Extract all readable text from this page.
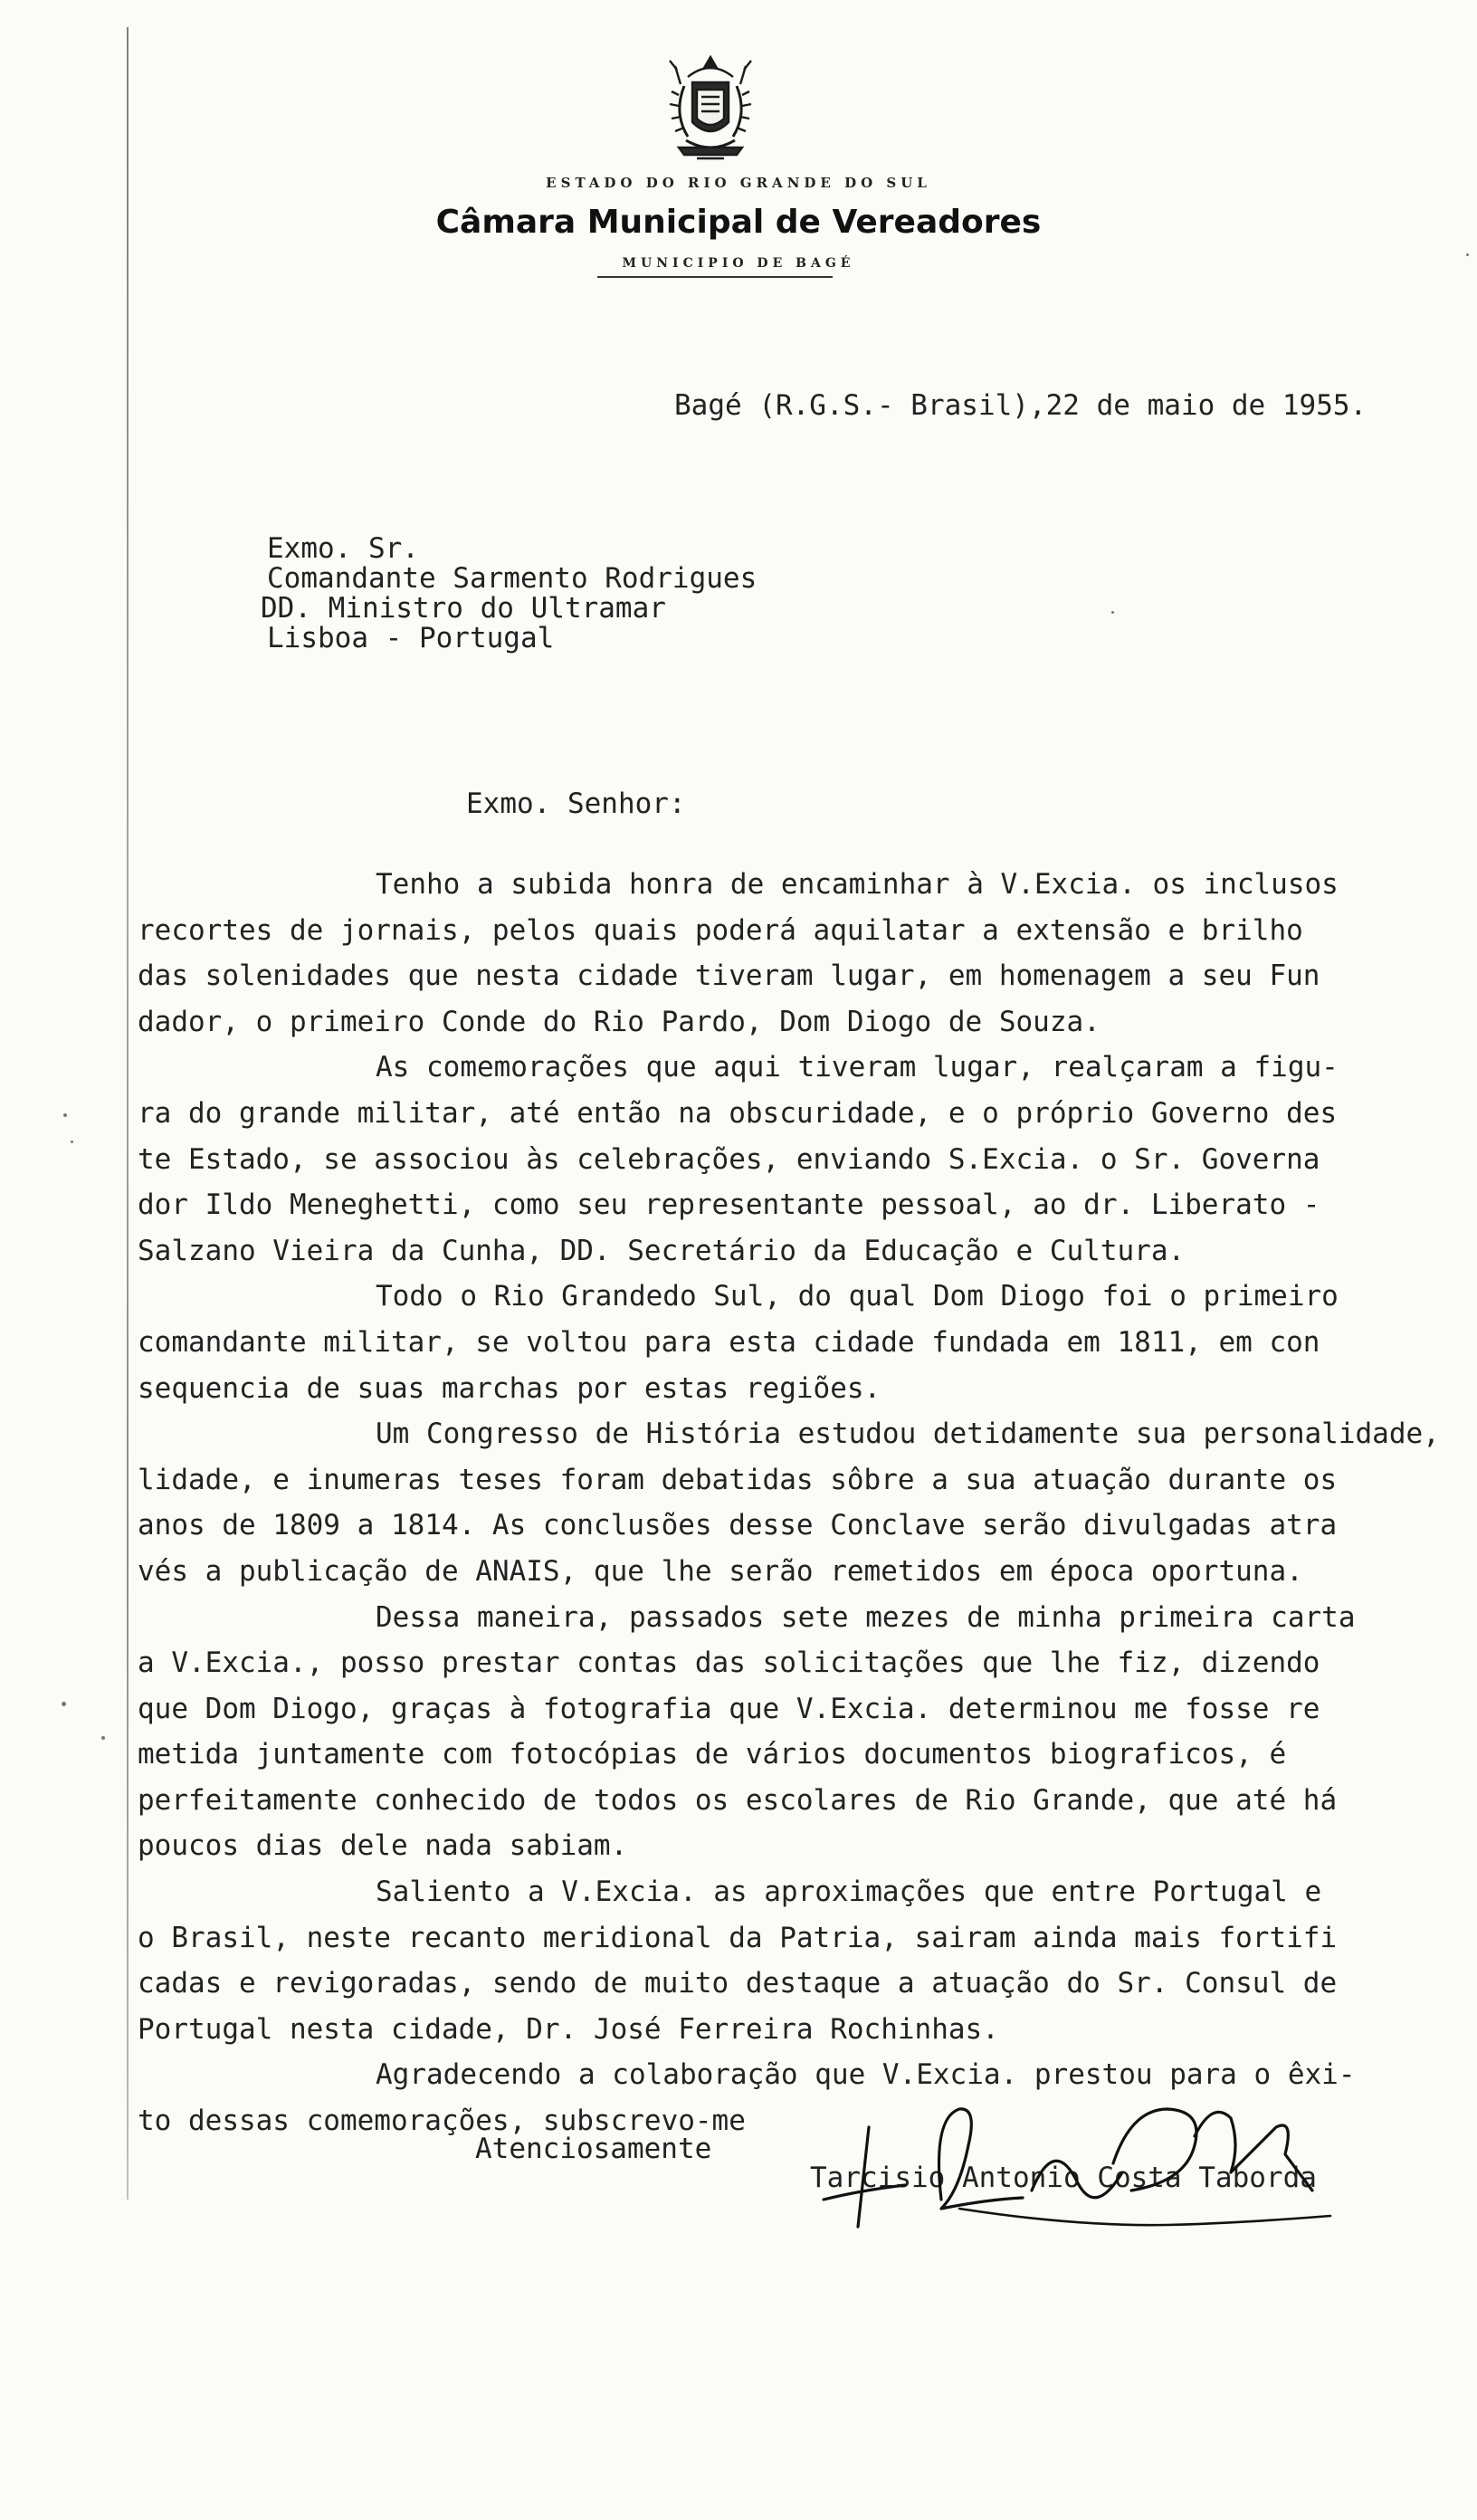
ESTADO DO RIO GRANDE DO SUL
Câmara Municipal de Vereadores
MUNICIPIO DE BAGÉ
Bagé (R.G.S.- Brasil),22 de maio de 1955.
Exmo. Sr.
Comandante Sarmento Rodrigues
DD. Ministro do Ultramar
Lisboa - Portugal
Exmo. Senhor:
Tenho a subida honra de encaminhar à V.Excia. os inclusos
recortes de jornais, pelos quais poderá aquilatar a extensão e brilho
das solenidades que nesta cidade tiveram lugar, em homenagem a seu Fun
dador, o primeiro Conde do Rio Pardo, Dom Diogo de Souza.
As comemorações que aqui tiveram lugar, realçaram a figu-
ra do grande militar, até então na obscuridade, e o próprio Governo des
te Estado, se associou às celebrações, enviando S.Excia. o Sr. Governa
dor Ildo Meneghetti, como seu representante pessoal, ao dr. Liberato -
Salzano Vieira da Cunha, DD. Secretário da Educação e Cultura.
Todo o Rio Grandedo Sul, do qual Dom Diogo foi o primeiro
comandante militar, se voltou para esta cidade fundada em 1811, em con
sequencia de suas marchas por estas regiões.
Um Congresso de História estudou detidamente sua personalidade,
lidade, e inumeras teses foram debatidas sôbre a sua atuação durante os
anos de 1809 a 1814. As conclusões desse Conclave serão divulgadas atra
vés a publicação de ANAIS, que lhe serão remetidos em época oportuna.
Dessa maneira, passados sete mezes de minha primeira carta
a V.Excia., posso prestar contas das solicitações que lhe fiz, dizendo
que Dom Diogo, graças à fotografia que V.Excia. determinou me fosse re
metida juntamente com fotocópias de vários documentos biograficos, é
perfeitamente conhecido de todos os escolares de Rio Grande, que até há
poucos dias dele nada sabiam.
Saliento a V.Excia. as aproximações que entre Portugal e
o Brasil, neste recanto meridional da Patria, sairam ainda mais fortifi
cadas e revigoradas, sendo de muito destaque a atuação do Sr. Consul de
Portugal nesta cidade, Dr. José Ferreira Rochinhas.
Agradecendo a colaboração que V.Excia. prestou para o êxi-
to dessas comemorações, subscrevo-me
Atenciosamente
Tarcisio Antonio Costa Taborda
